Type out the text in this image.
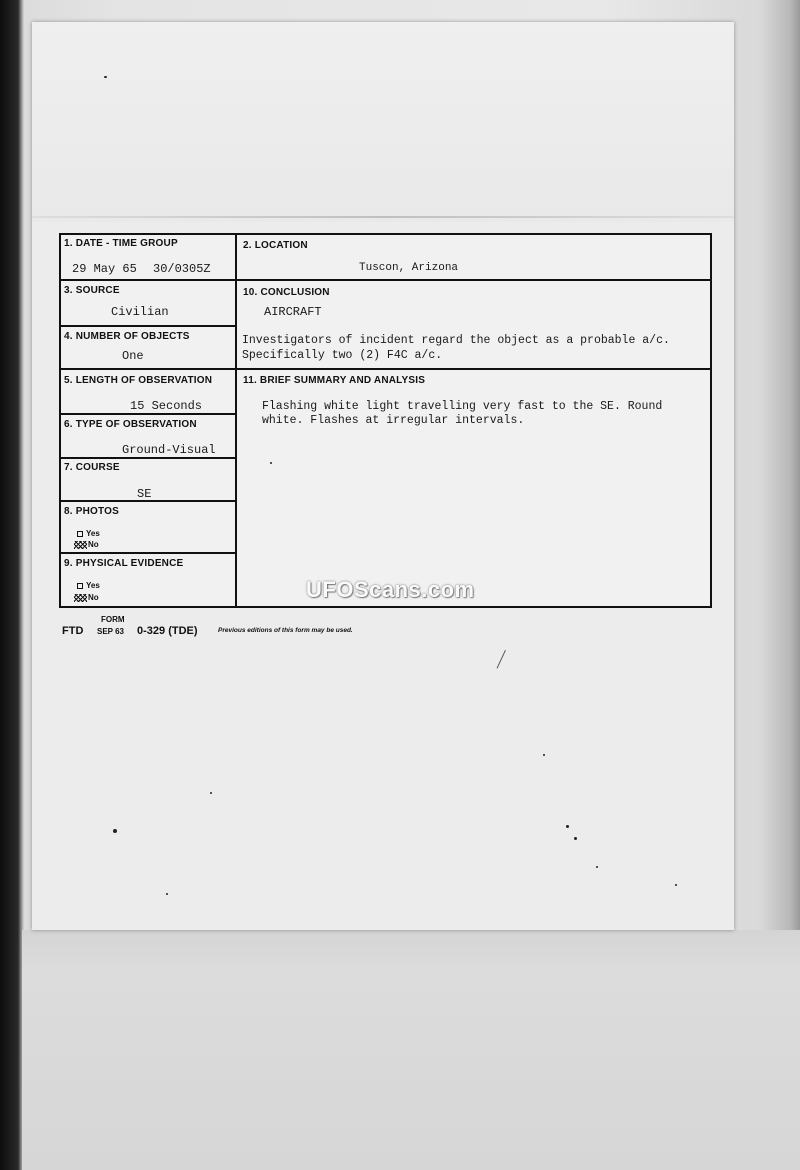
1. DATE - TIME GROUP
29 May 65 30/0305Z
2. LOCATION
Tuscon, Arizona
3. SOURCE
Civilian
10. CONCLUSION
AIRCRAFT
Investigators of incident regard the object as a probable a/c.
Specifically two (2) F4C a/c.
4. NUMBER OF OBJECTS
One
5. LENGTH OF OBSERVATION
15 Seconds
11. BRIEF SUMMARY AND ANALYSIS
Flashing white light travelling very fast to the SE. Round
white. Flashes at irregular intervals.
6. TYPE OF OBSERVATION
Ground-Visual
7. COURSE
SE
8. PHOTOS
Yes
No
9. PHYSICAL EVIDENCE
Yes
No
FORM
FTD SEP 63 0-329 (TDE)	Previous editions of this form may be used.
UFOScans.com
